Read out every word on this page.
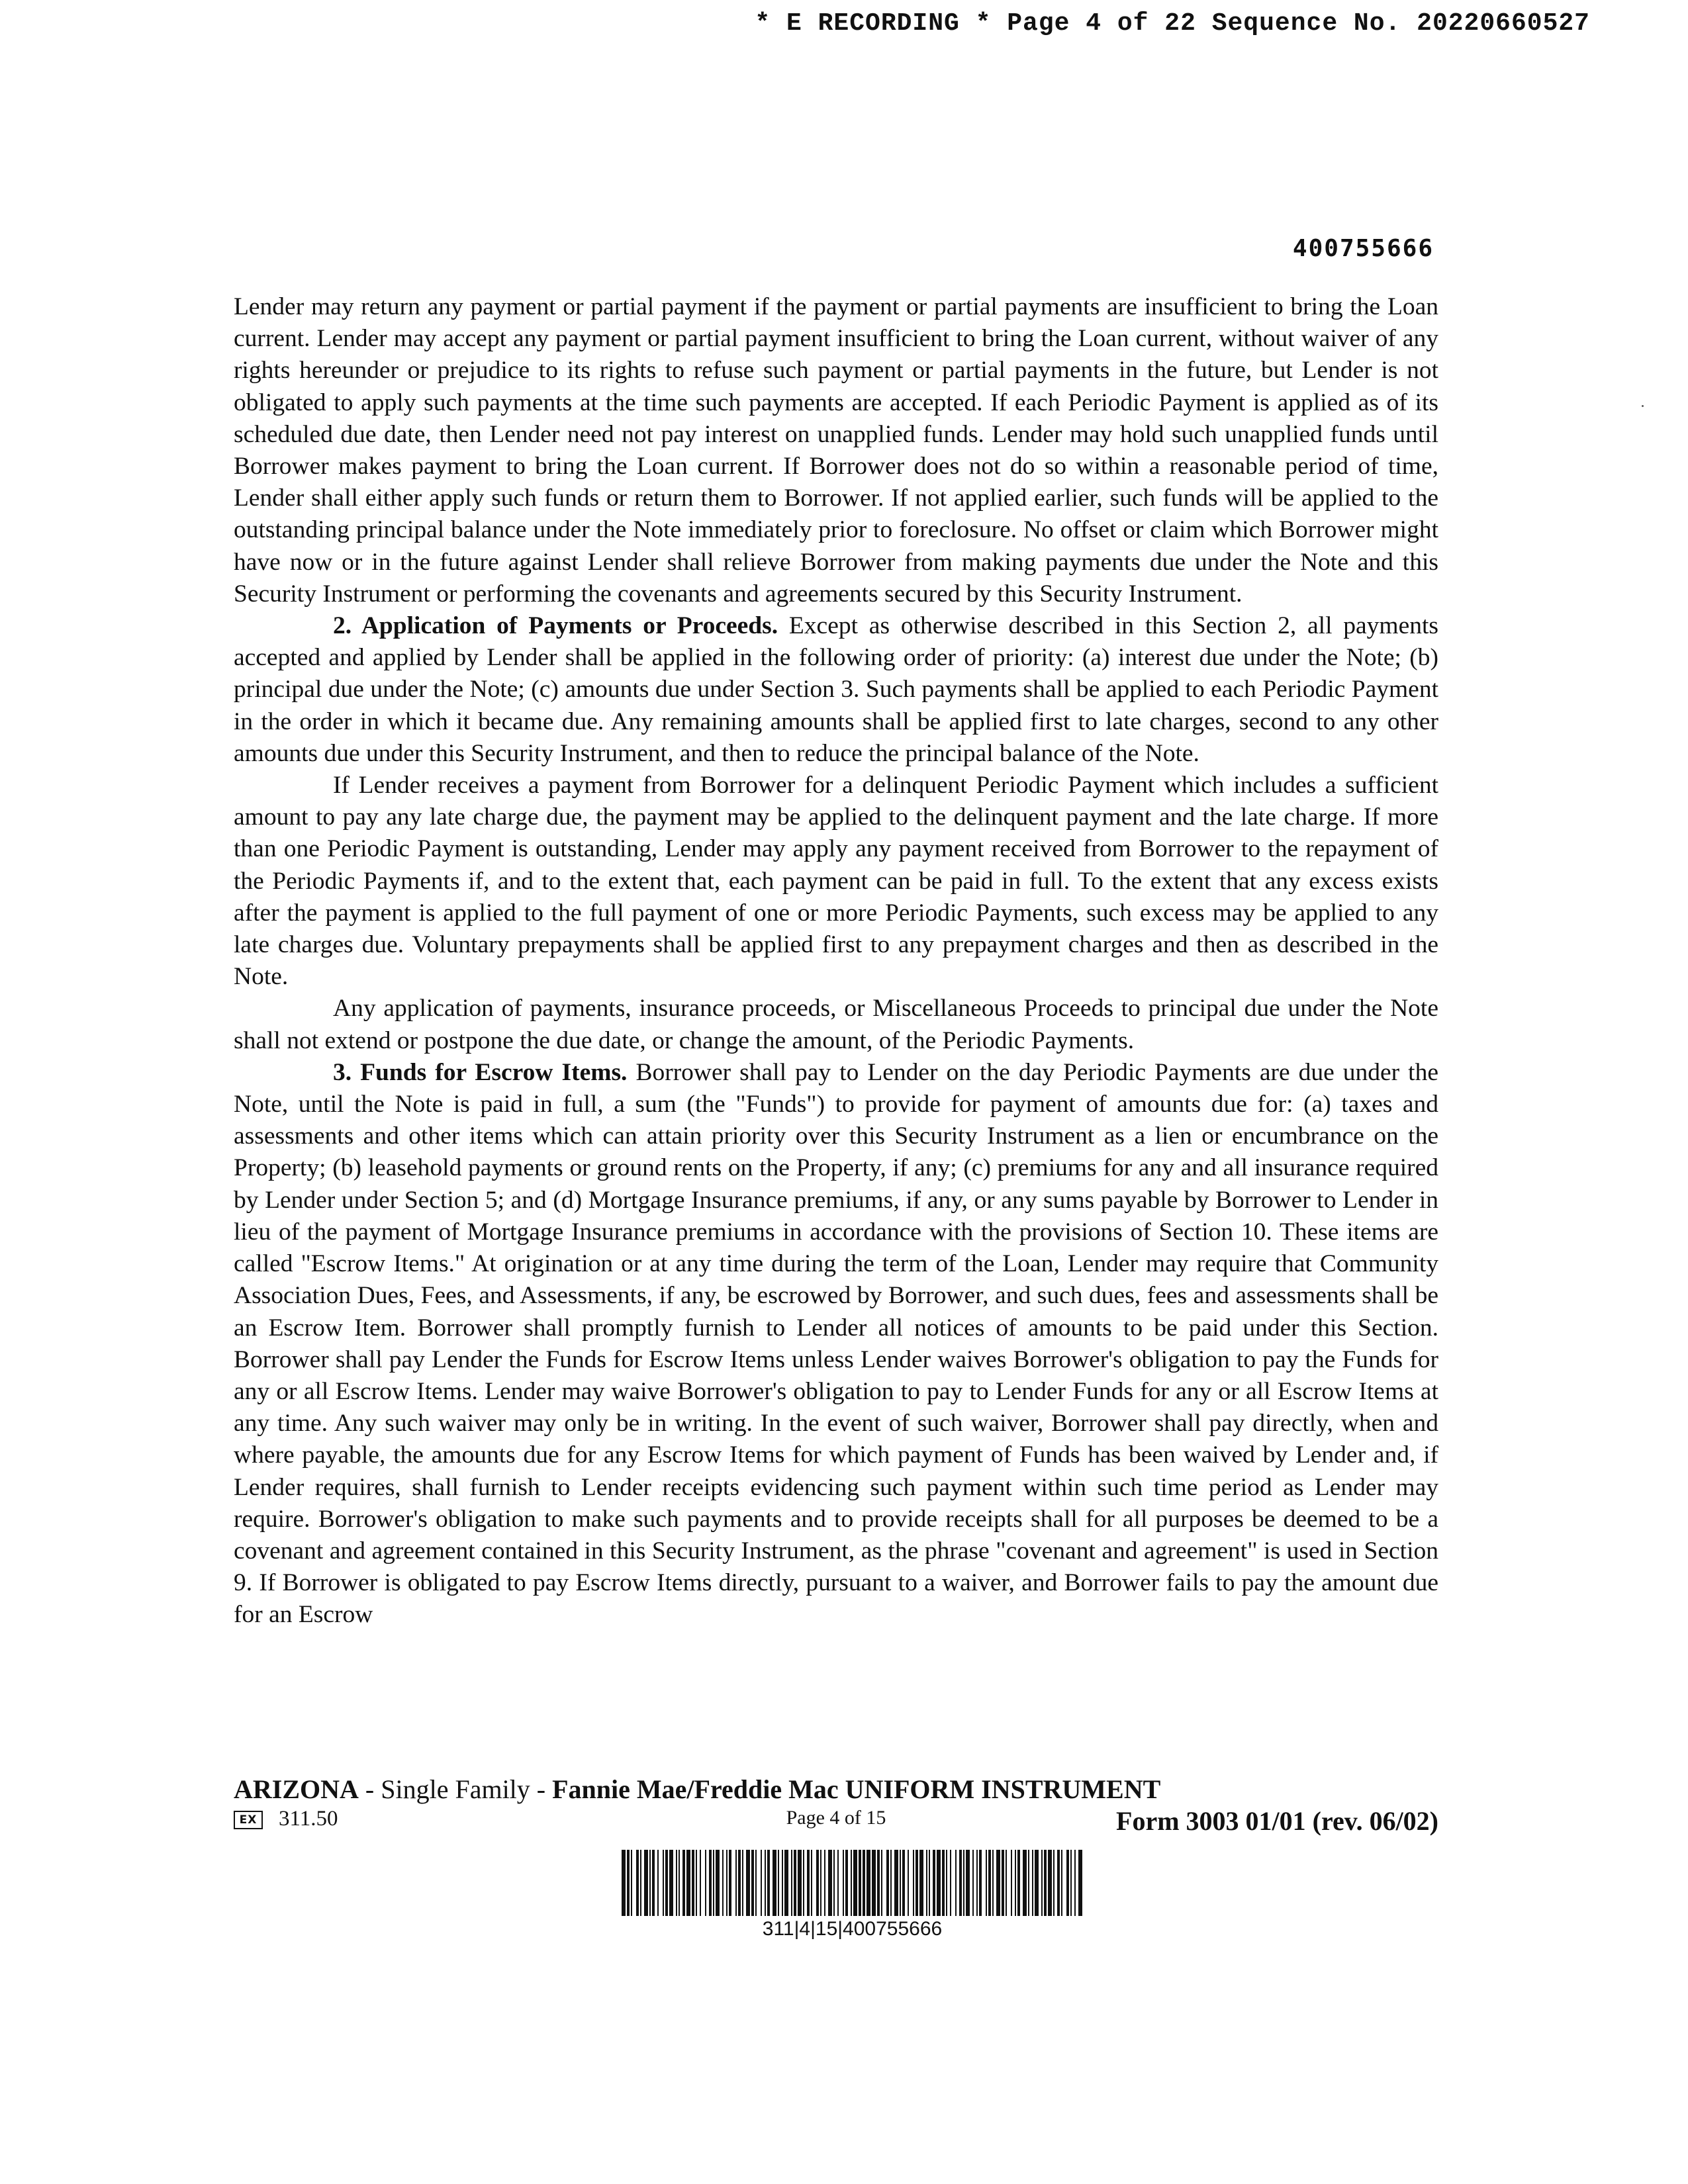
* E RECORDING * Page 4 of 22 Sequence No. 20220660527
400755666

Lender may return any payment or partial payment if the payment or partial payments are insufficient to bring the Loan current. Lender may accept any payment or partial payment insufficient to bring the Loan current, without waiver of any rights hereunder or prejudice to its rights to refuse such payment or partial payments in the future, but Lender is not obligated to apply such payments at the time such payments are accepted. If each Periodic Payment is applied as of its scheduled due date, then Lender need not pay interest on unapplied funds. Lender may hold such unapplied funds until Borrower makes payment to bring the Loan current. If Borrower does not do so within a reasonable period of time, Lender shall either apply such funds or return them to Borrower. If not applied earlier, such funds will be applied to the outstanding principal balance under the Note immediately prior to foreclosure. No offset or claim which Borrower might have now or in the future against Lender shall relieve Borrower from making payments due under the Note and this Security Instrument or performing the covenants and agreements secured by this Security Instrument.

2. Application of Payments or Proceeds. Except as otherwise described in this Section 2, all payments accepted and applied by Lender shall be applied in the following order of priority: (a) interest due under the Note; (b) principal due under the Note; (c) amounts due under Section 3. Such payments shall be applied to each Periodic Payment in the order in which it became due. Any remaining amounts shall be applied first to late charges, second to any other amounts due under this Security Instrument, and then to reduce the principal balance of the Note.

If Lender receives a payment from Borrower for a delinquent Periodic Payment which includes a sufficient amount to pay any late charge due, the payment may be applied to the delinquent payment and the late charge. If more than one Periodic Payment is outstanding, Lender may apply any payment received from Borrower to the repayment of the Periodic Payments if, and to the extent that, each payment can be paid in full. To the extent that any excess exists after the payment is applied to the full payment of one or more Periodic Payments, such excess may be applied to any late charges due. Voluntary prepayments shall be applied first to any prepayment charges and then as described in the Note.

Any application of payments, insurance proceeds, or Miscellaneous Proceeds to principal due under the Note shall not extend or postpone the due date, or change the amount, of the Periodic Payments.

3. Funds for Escrow Items. Borrower shall pay to Lender on the day Periodic Payments are due under the Note, until the Note is paid in full, a sum (the "Funds") to provide for payment of amounts due for: (a) taxes and assessments and other items which can attain priority over this Security Instrument as a lien or encumbrance on the Property; (b) leasehold payments or ground rents on the Property, if any; (c) premiums for any and all insurance required by Lender under Section 5; and (d) Mortgage Insurance premiums, if any, or any sums payable by Borrower to Lender in lieu of the payment of Mortgage Insurance premiums in accordance with the provisions of Section 10. These items are called "Escrow Items." At origination or at any time during the term of the Loan, Lender may require that Community Association Dues, Fees, and Assessments, if any, be escrowed by Borrower, and such dues, fees and assessments shall be an Escrow Item. Borrower shall promptly furnish to Lender all notices of amounts to be paid under this Section. Borrower shall pay Lender the Funds for Escrow Items unless Lender waives Borrower's obligation to pay the Funds for any or all Escrow Items. Lender may waive Borrower's obligation to pay to Lender Funds for any or all Escrow Items at any time. Any such waiver may only be in writing. In the event of such waiver, Borrower shall pay directly, when and where payable, the amounts due for any Escrow Items for which payment of Funds has been waived by Lender and, if Lender requires, shall furnish to Lender receipts evidencing such payment within such time period as Lender may require. Borrower's obligation to make such payments and to provide receipts shall for all purposes be deemed to be a covenant and agreement contained in this Security Instrument, as the phrase "covenant and agreement" is used in Section 9. If Borrower is obligated to pay Escrow Items directly, pursuant to a waiver, and Borrower fails to pay the amount due for an Escrow

ARIZONA - Single Family - Fannie Mae/Freddie Mac UNIFORM INSTRUMENT
EX 311.50	Page 4 of 15	Form 3003 01/01 (rev. 06/02)
311|4|15|400755666
